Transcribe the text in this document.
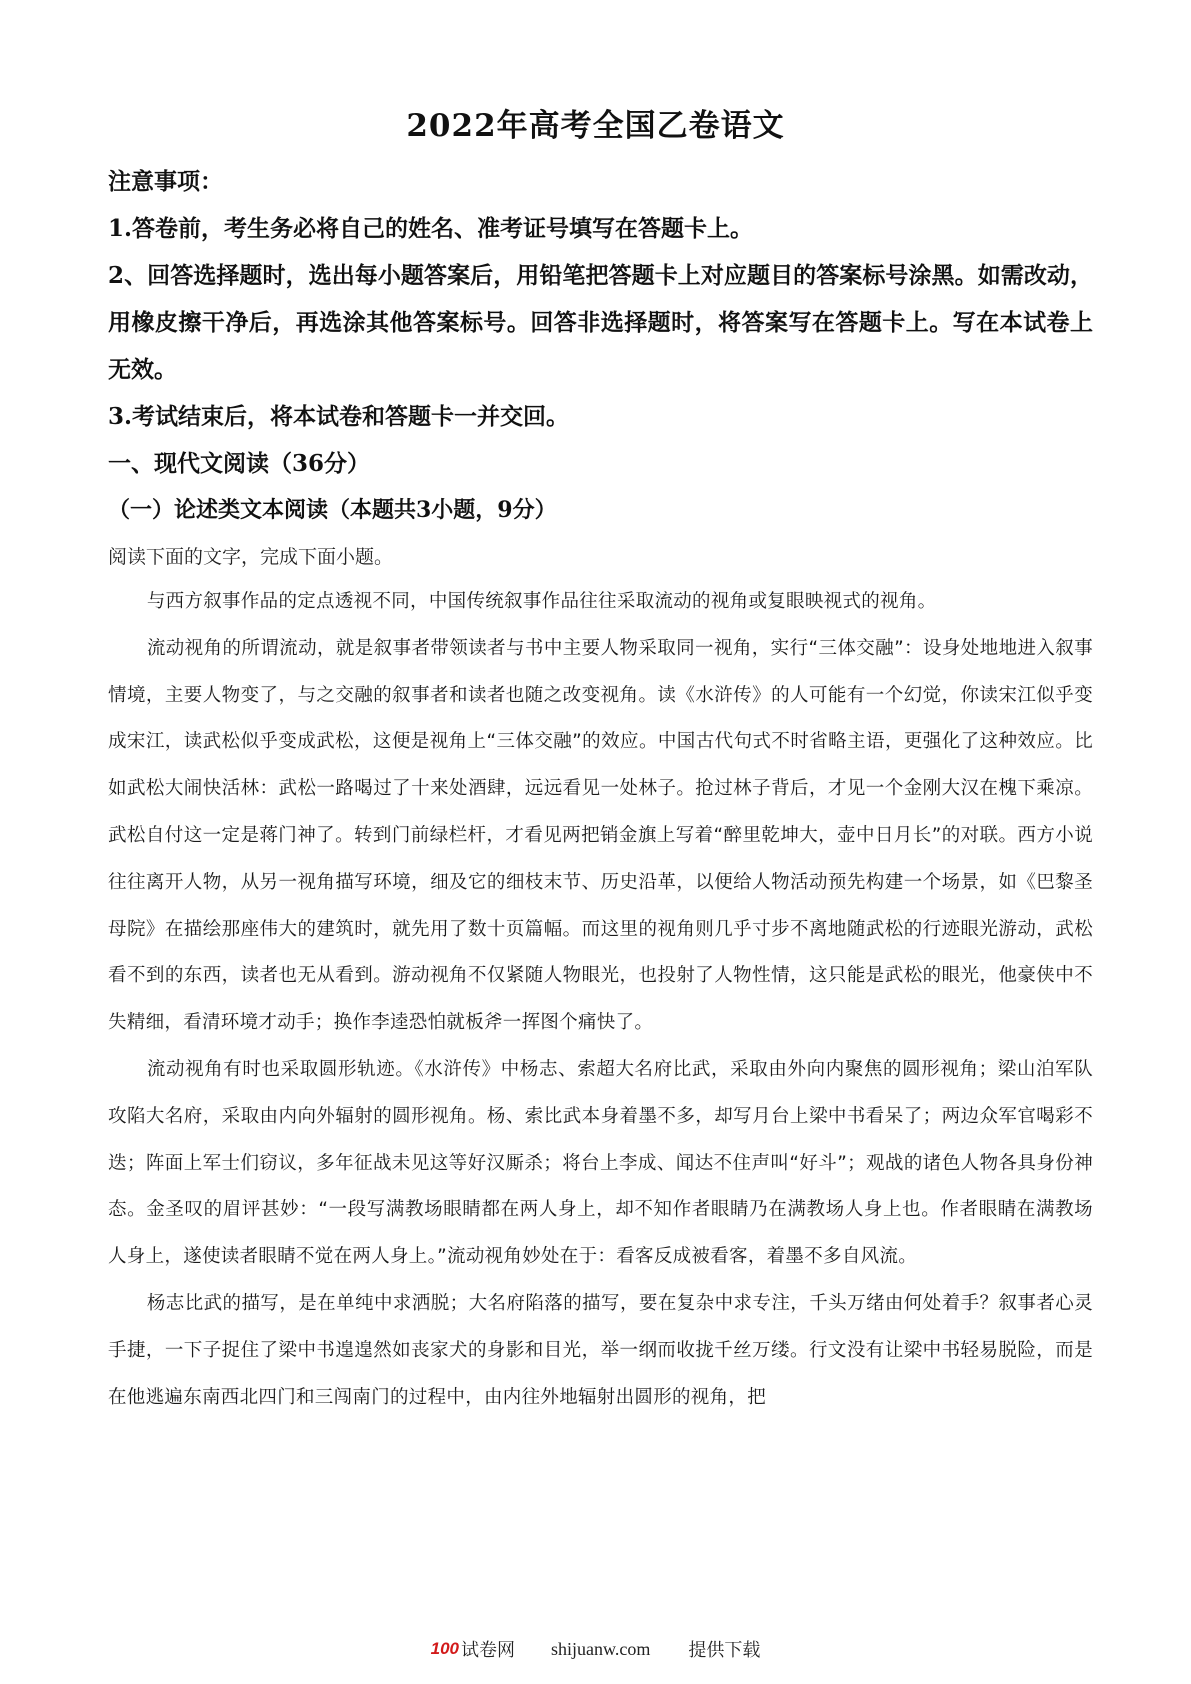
2022年高考全国乙卷语文

注意事项：

1.答卷前，考生务必将自己的姓名、准考证号填写在答题卡上。

2、回答选择题时，选出每小题答案后，用铅笔把答题卡上对应题目的答案标号涂黑。如需改动，用橡皮擦干净后，再选涂其他答案标号。回答非选择题时，将答案写在答题卡上。写在本试卷上无效。

3.考试结束后，将本试卷和答题卡一并交回。

一、现代文阅读（36分）

（一）论述类文本阅读（本题共3小题，9分）

阅读下面的文字，完成下面小题。

与西方叙事作品的定点透视不同，中国传统叙事作品往往采取流动的视角或复眼映视式的视角。

流动视角的所谓流动，就是叙事者带领读者与书中主要人物采取同一视角，实行“三体交融”：设身处地地进入叙事情境，主要人物变了，与之交融的叙事者和读者也随之改变视角。读《水浒传》的人可能有一个幻觉，你读宋江似乎变成宋江，读武松似乎变成武松，这便是视角上“三体交融”的效应。中国古代句式不时省略主语，更强化了这种效应。比如武松大闹快活林：武松一路喝过了十来处酒肆，远远看见一处林子。抢过林子背后，才见一个金刚大汉在槐下乘凉。武松自付这一定是蒋门神了。转到门前绿栏杆，才看见两把销金旗上写着“醉里乾坤大，壶中日月长”的对联。西方小说往往离开人物，从另一视角描写环境，细及它的细枝末节、历史沿革，以便给人物活动预先构建一个场景，如《巴黎圣母院》在描绘那座伟大的建筑时，就先用了数十页篇幅。而这里的视角则几乎寸步不离地随武松的行迹眼光游动，武松看不到的东西，读者也无从看到。游动视角不仅紧随人物眼光，也投射了人物性情，这只能是武松的眼光，他豪侠中不失精细，看清环境才动手；换作李逵恐怕就板斧一挥图个痛快了。

流动视角有时也采取圆形轨迹。《水浒传》中杨志、索超大名府比武，采取由外向内聚焦的圆形视角；梁山泊军队攻陷大名府，采取由内向外辐射的圆形视角。杨、索比武本身着墨不多，却写月台上梁中书看呆了；两边众军官喝彩不迭；阵面上军士们窃议，多年征战未见这等好汉厮杀；将台上李成、闻达不住声叫“好斗”；观战的诸色人物各具身份神态。金圣叹的眉评甚妙：“一段写满教场眼睛都在两人身上，却不知作者眼睛乃在满教场人身上也。作者眼睛在满教场人身上，遂使读者眼睛不觉在两人身上。”流动视角妙处在于：看客反成被看客，着墨不多自风流。

杨志比武的描写，是在单纯中求洒脱；大名府陷落的描写，要在复杂中求专注，千头万绪由何处着手？叙事者心灵手捷，一下子捉住了梁中书遑遑然如丧家犬的身影和目光，举一纲而收拢千丝万缕。行文没有让梁中书轻易脱险，而是在他逃遍东南西北四门和三闯南门的过程中，由内往外地辐射出圆形的视角，把

100 试卷网 shijuanw.com 提供下载
